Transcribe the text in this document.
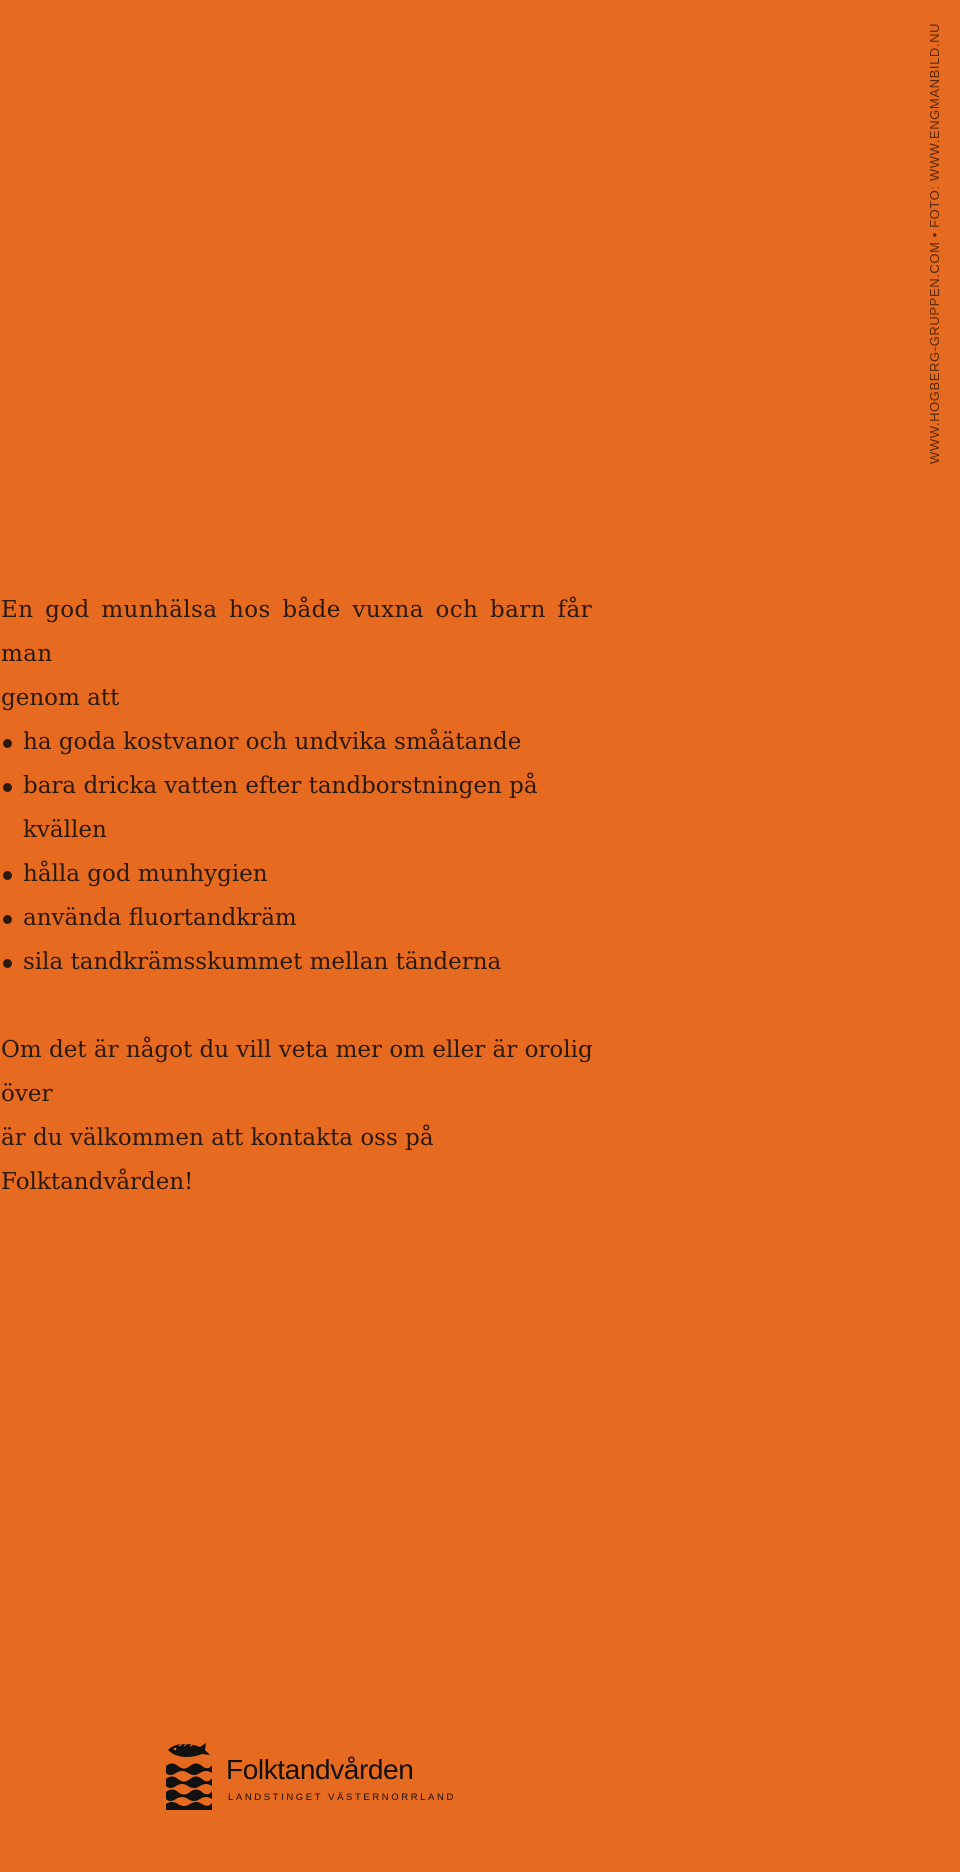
WWW.HOGBERG-GRUPPEN.COM • FOTO: WWW.ENGMANBILD.NU
En god munhälsa hos både vuxna och barn får man
genom att
ha goda kostvanor och undvika småätande
bara dricka vatten efter tandborstningen på kvällen
hålla god munhygien
använda fluortandkräm
sila tandkrämsskummet mellan tänderna
Om det är något du vill veta mer om eller är orolig över
är du välkommen att kontakta oss på Folktandvården!
Folktandvården
LANDSTINGET VÄSTERNORRLAND
